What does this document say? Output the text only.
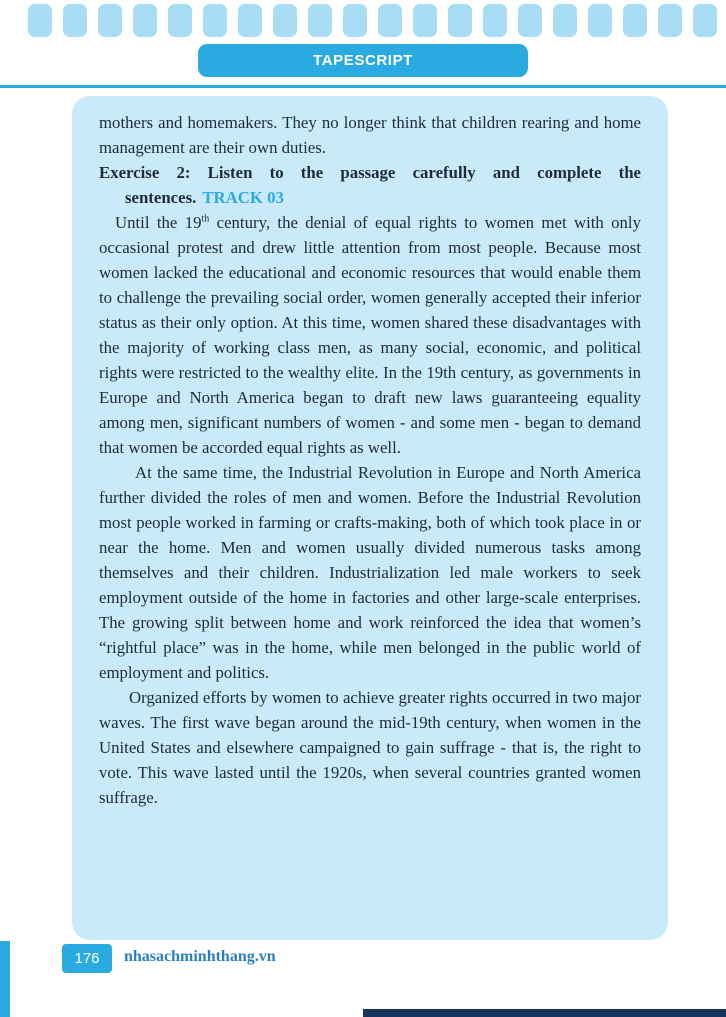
TAPESCRIPT

mothers and homemakers. They no longer think that children rearing and home management are their own duties.

Exercise 2: Listen to the passage carefully and complete the sentences. TRACK 03

Until the 19th century, the denial of equal rights to women met with only occasional protest and drew little attention from most people. Because most women lacked the educational and economic resources that would enable them to challenge the prevailing social order, women generally accepted their inferior status as their only option. At this time, women shared these disadvantages with the majority of working class men, as many social, economic, and political rights were restricted to the wealthy elite. In the 19th century, as governments in Europe and North America began to draft new laws guaranteeing equality among men, significant numbers of women - and some men - began to demand that women be accorded equal rights as well.

At the same time, the Industrial Revolution in Europe and North America further divided the roles of men and women. Before the Industrial Revolution most people worked in farming or crafts-making, both of which took place in or near the home. Men and women usually divided numerous tasks among themselves and their children. Industrialization led male workers to seek employment outside of the home in factories and other large-scale enterprises. The growing split between home and work reinforced the idea that women’s “rightful place” was in the home, while men belonged in the public world of employment and politics.

Organized efforts by women to achieve greater rights occurred in two major waves. The first wave began around the mid-19th century, when women in the United States and elsewhere campaigned to gain suffrage - that is, the right to vote. This wave lasted until the 1920s, when several countries granted women suffrage.

176	nhasachminhthang.vn
